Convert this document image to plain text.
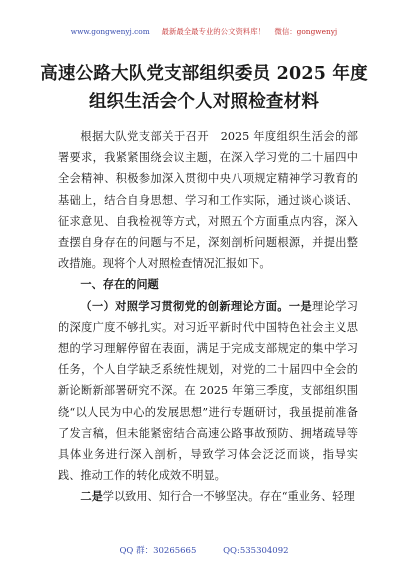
www.gongwenyj.com 最新最全最专业的公文资料库！ 微信：gongwenyj
高速公路大队党支部组织委员 2025 年度
组织生活会个人对照检查材料

根据大队党支部关于召开　2025 年度组织生活会的部署要求，我紧紧围绕会议主题，在深入学习党的二十届四中全会精神、积极参加深入贯彻中央八项规定精神学习教育的基础上，结合自身思想、学习和工作实际，通过谈心谈话、征求意见、自我检视等方式，对照五个方面重点内容，深入查摆自身存在的问题与不足，深刻剖析问题根源，并提出整改措施。现将个人对照检查情况汇报如下。

一、存在的问题

（一）对照学习贯彻党的创新理论方面。一是理论学习的深度广度不够扎实。对习近平新时代中国特色社会主义思想的学习理解停留在表面，满足于完成支部规定的集中学习任务，个人自学缺乏系统性规划，对党的二十届四中全会的新论断新部署研究不深。在 2025 年第三季度，支部组织围绕“以人民为中心的发展思想”进行专题研讨，我虽提前准备了发言稿，但未能紧密结合高速公路事故预防、拥堵疏导等具体业务进行深入剖析，导致学习体会泛泛而谈，指导实践、推动工作的转化成效不明显。

二是学以致用、知行合一不够坚决。存在“重业务、轻理

QQ 群：30265665	QQ:535304092
